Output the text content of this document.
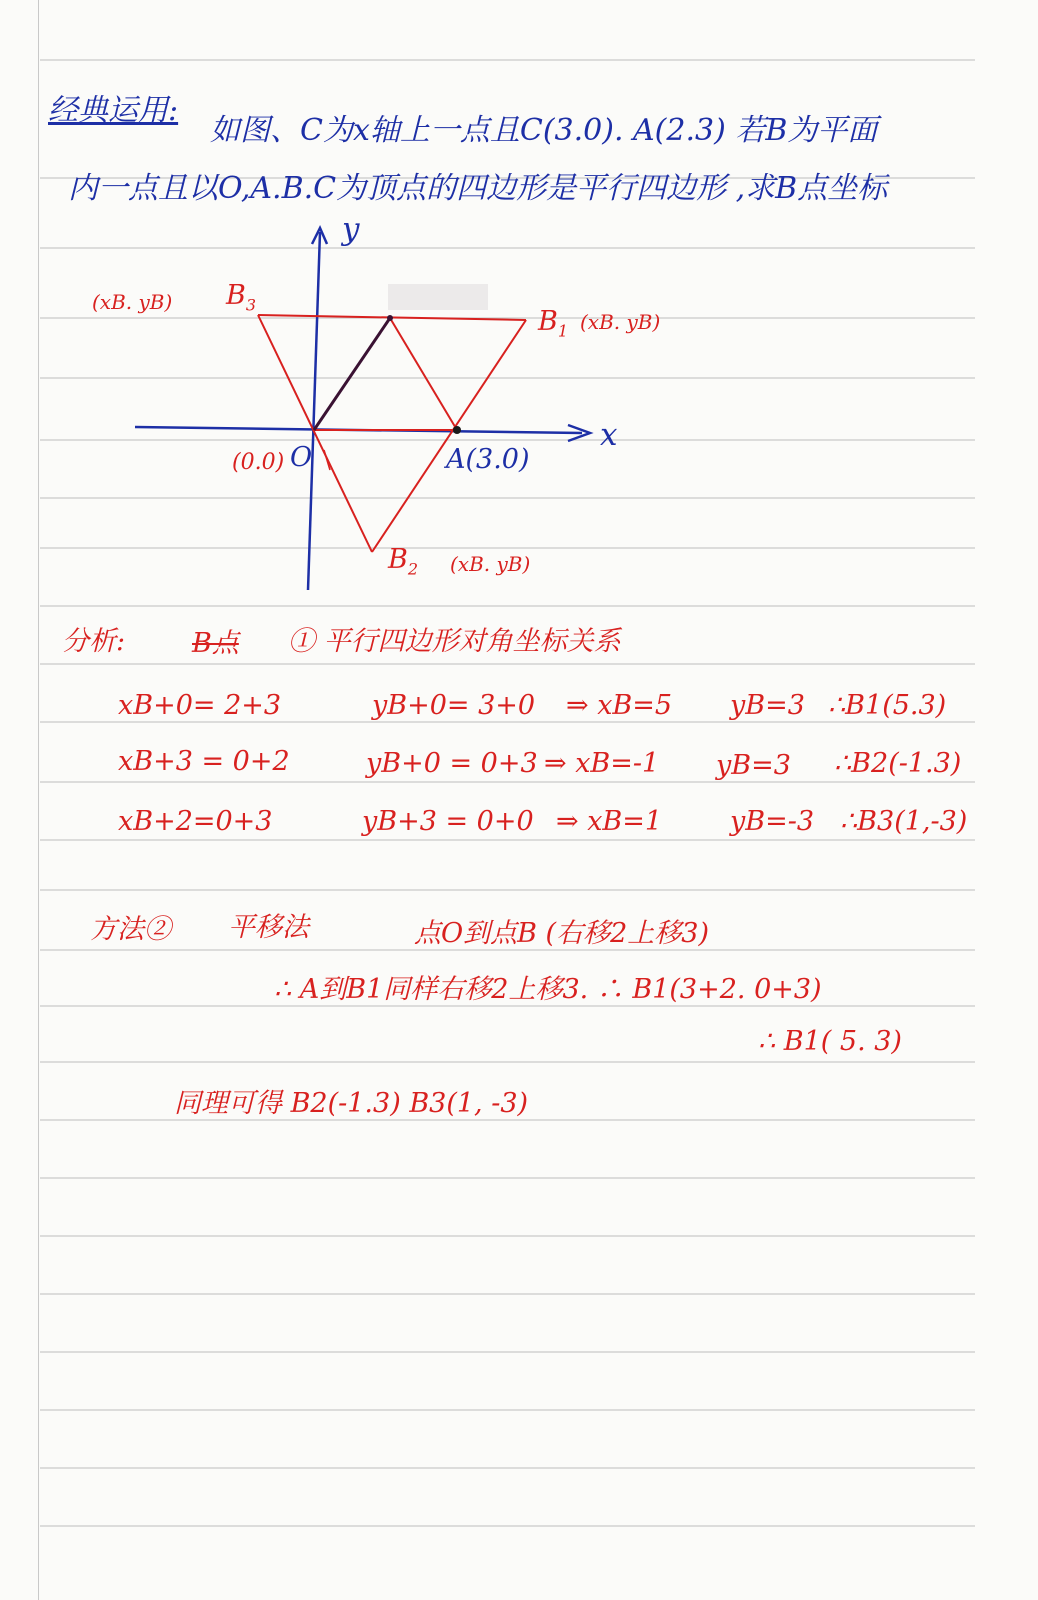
经典运用:
如图、C为x轴上一点且C(3.0). A(2.3) 若B为平面
内一点且以O,A.B.C为顶点的四边形是平行四边形 ,求B点坐标
y
x
O
(0.0)	A(3.0)
$B_3$
(xB. yB)
$B_1$ (xB. yB)
$B_2$ (xB. yB)
分析: B点 ① 平行四边形对角坐标关系
xB+0= 2+3	yB+0= 3+0 ⇒ xB=5 yB=3 ∴B1(5.3)
xB+3 = 0+2	yB+0 = 0+3 ⇒ xB=-1 yB=3 ∴B2(-1.3)
xB+2=0+3	yB+3 = 0+0 ⇒ xB=1	yB=-3 ∴B3(1,-3)
方法② 平移法	点O到点B (右移2上移3)
∴ A到B1同样右移2上移3. ∴ B1(3+2. 0+3)
∴ B1( 5. 3)
同理可得 B2(-1.3) B3(1, -3)
